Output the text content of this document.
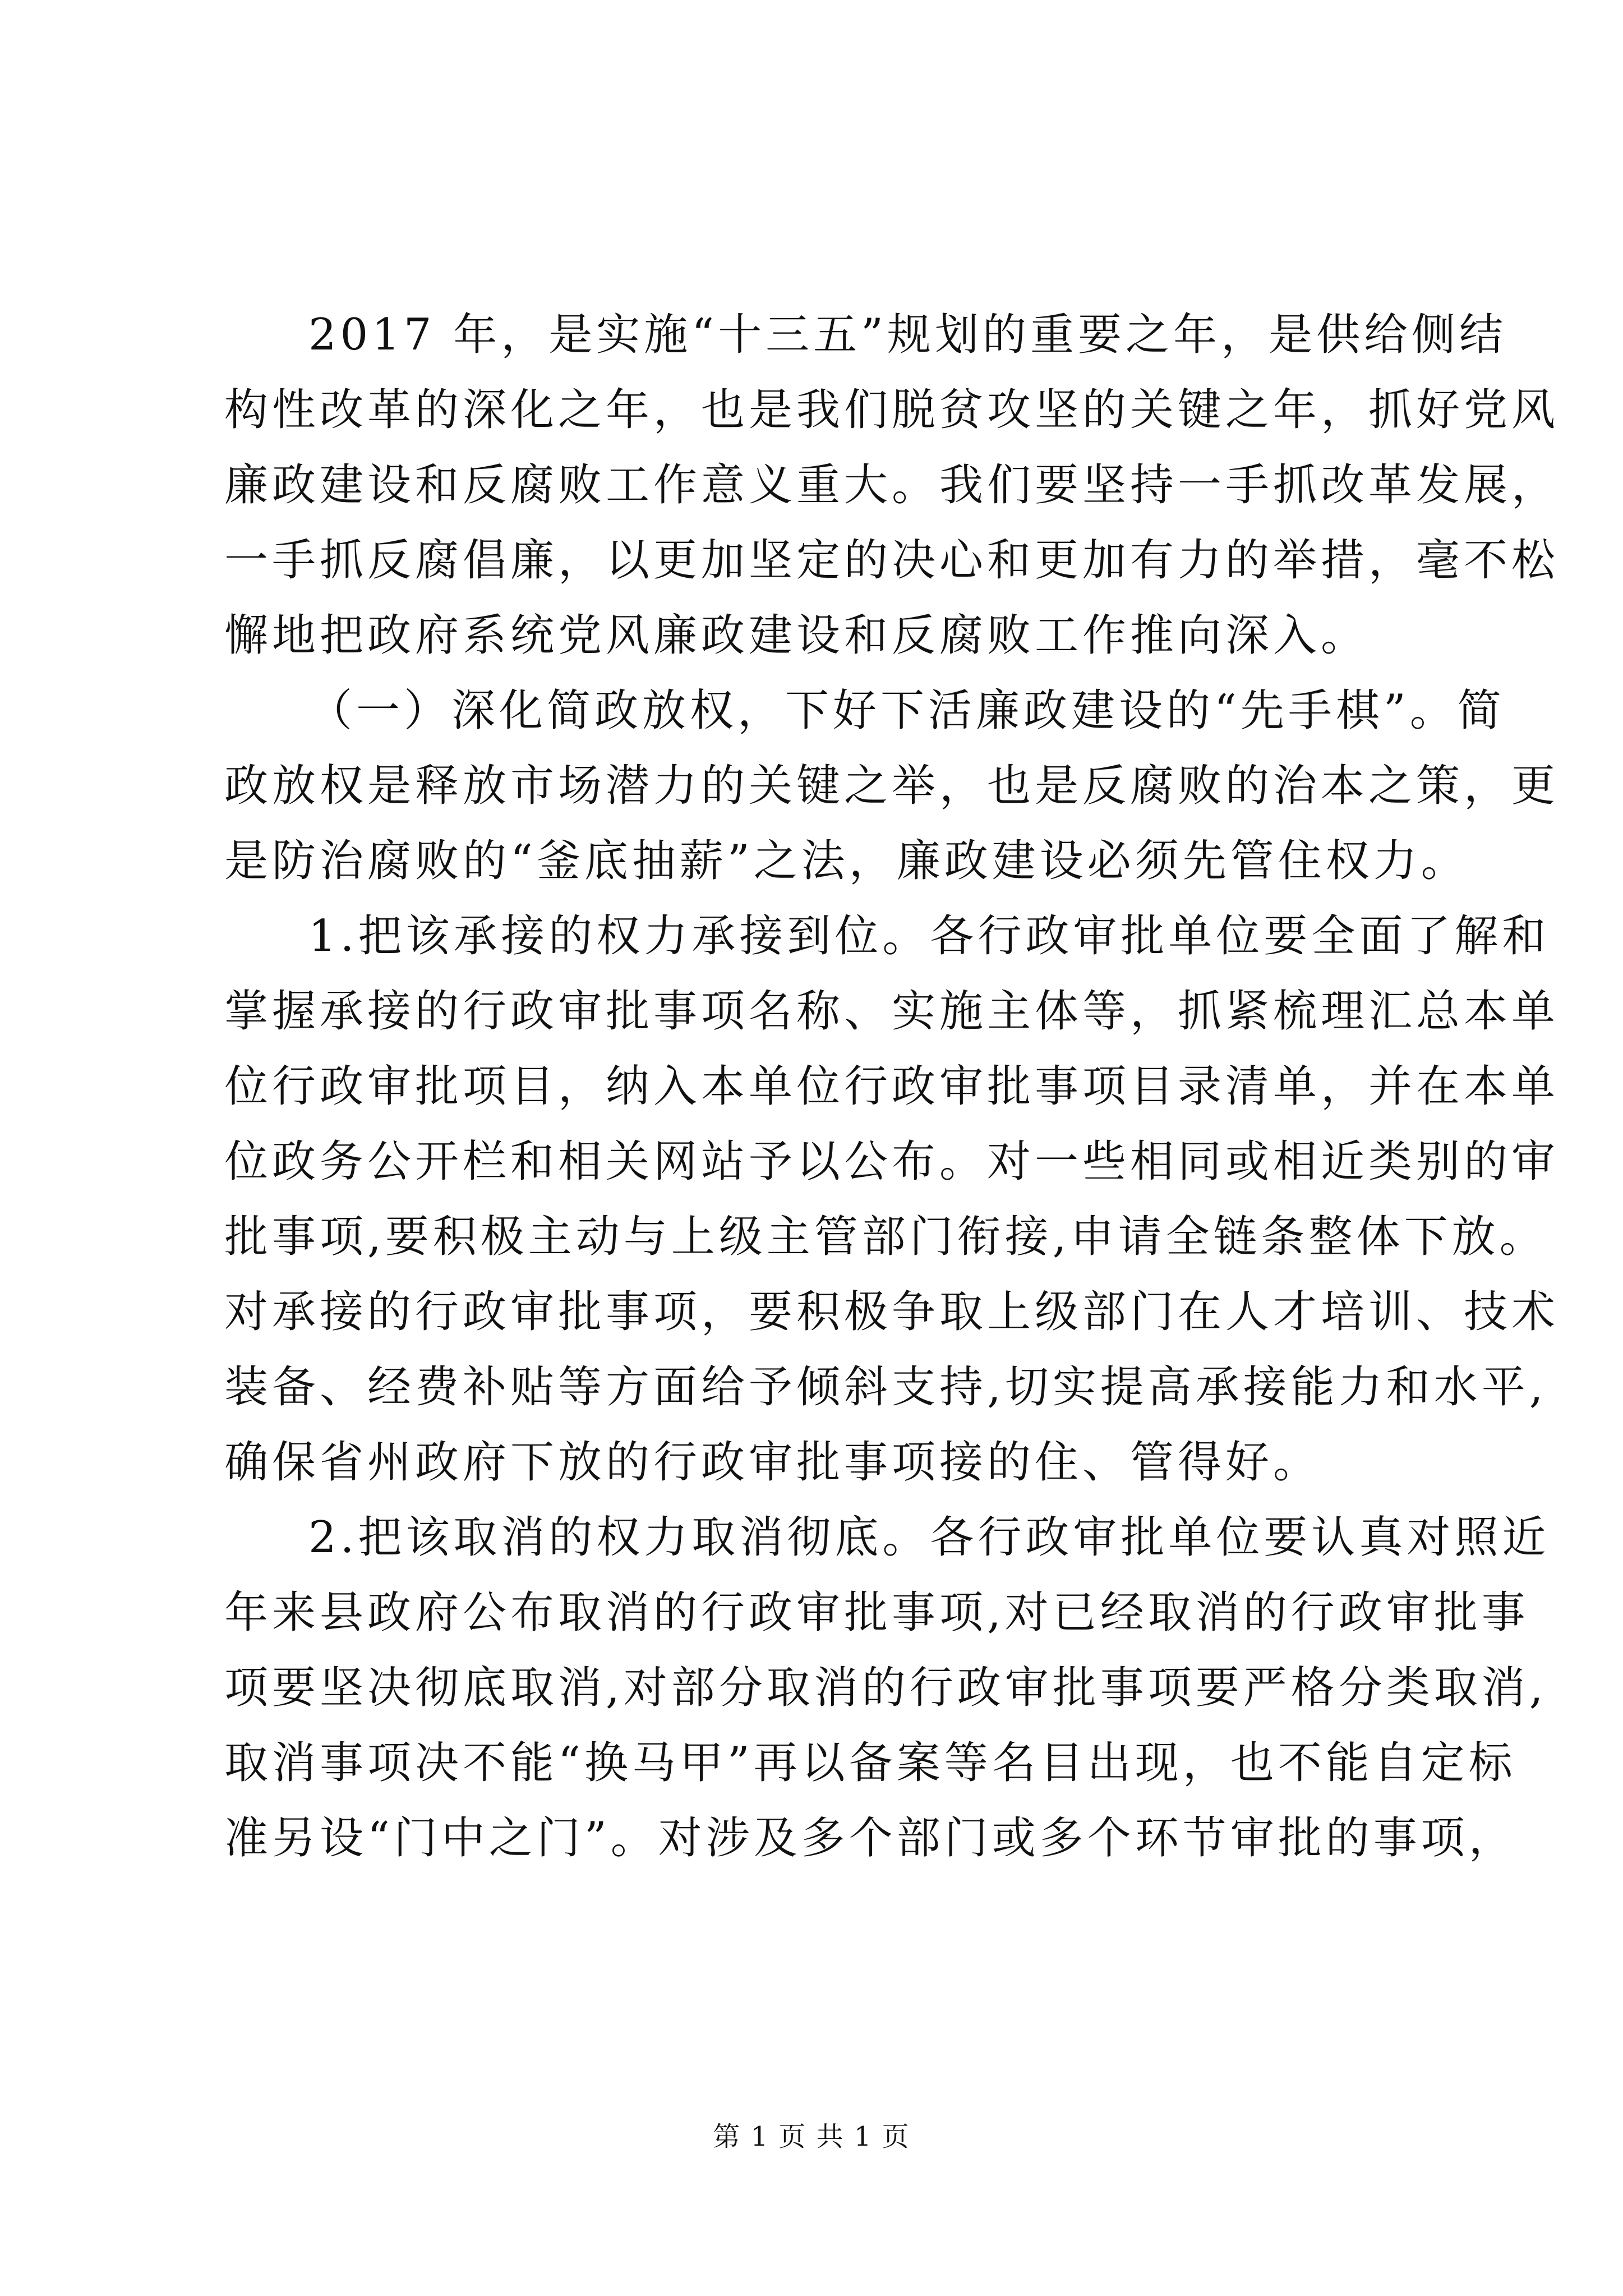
2017 年，是实施“十三五”规划的重要之年，是供给侧结
构性改革的深化之年，也是我们脱贫攻坚的关键之年，抓好党风
廉政建设和反腐败工作意义重大。我们要坚持一手抓改革发展，
一手抓反腐倡廉，以更加坚定的决心和更加有力的举措，毫不松
懈地把政府系统党风廉政建设和反腐败工作推向深入。
（一）深化简政放权，下好下活廉政建设的“先手棋”。简
政放权是释放市场潜力的关键之举，也是反腐败的治本之策，更
是防治腐败的“釜底抽薪”之法，廉政建设必须先管住权力。
1.把该承接的权力承接到位。各行政审批单位要全面了解和
掌握承接的行政审批事项名称、实施主体等，抓紧梳理汇总本单
位行政审批项目，纳入本单位行政审批事项目录清单，并在本单
位政务公开栏和相关网站予以公布。对一些相同或相近类别的审
批事项,要积极主动与上级主管部门衔接,申请全链条整体下放。
对承接的行政审批事项，要积极争取上级部门在人才培训、技术
装备、经费补贴等方面给予倾斜支持,切实提高承接能力和水平,
确保省州政府下放的行政审批事项接的住、管得好。
2.把该取消的权力取消彻底。各行政审批单位要认真对照近
年来县政府公布取消的行政审批事项,对已经取消的行政审批事
项要坚决彻底取消,对部分取消的行政审批事项要严格分类取消,
取消事项决不能“换马甲”再以备案等名目出现，也不能自定标
准另设“门中之门”。对涉及多个部门或多个环节审批的事项，
第 1 页 共 1 页
